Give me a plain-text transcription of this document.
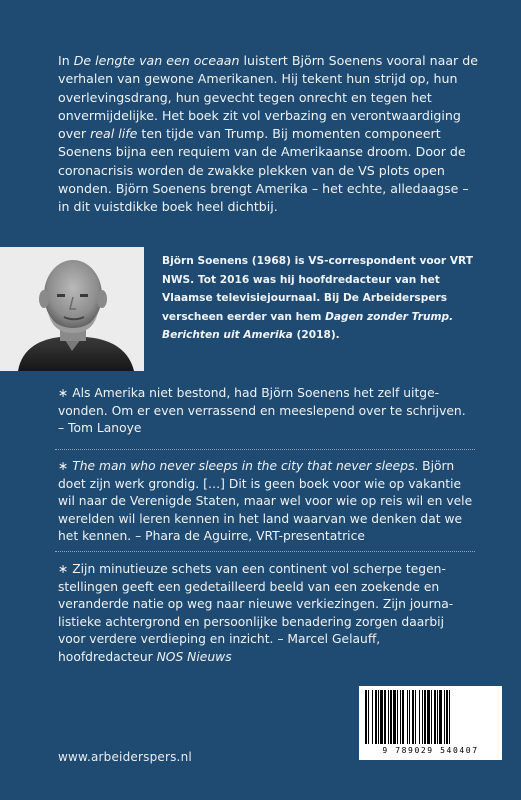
In De lengte van een oceaan luistert Björn Soenens vooral naar de verhalen van gewone Amerikanen. Hij tekent hun strijd op, hun overlevingsdrang, hun gevecht tegen onrecht en tegen het onvermijdelijke. Het boek zit vol verbazing en verontwaardiging over real life ten tijde van Trump. Bij momenten componeert Soenens bijna een requiem van de Amerikaanse droom. Door de coronacrisis worden de zwakke plekken van de VS plots open wonden. Björn Soenens brengt Amerika – het echte, alledaagse – in dit vuistdikke boek heel dichtbij.

Björn Soenens (1968) is VS-correspondent voor VRT NWS. Tot 2016 was hij hoofdredacteur van het Vlaamse televisiejournaal. Bij De Arbeiderspers verscheen eerder van hem Dagen zonder Trump. Berichten uit Amerika (2018).

∗ Als Amerika niet bestond, had Björn Soenens het zelf uitgevonden. Om er even verrassend en meeslepend over te schrijven. – Tom Lanoye

∗ The man who never sleeps in the city that never sleeps. Björn doet zijn werk grondig. […] Dit is geen boek voor wie op vakantie wil naar de Verenigde Staten, maar wel voor wie op reis wil en vele werelden wil leren kennen in het land waarvan we denken dat we het kennen. – Phara de Aguirre, VRT-presentatrice

∗ Zijn minutieuze schets van een continent vol scherpe tegenstellingen geeft een gedetailleerd beeld van een zoekende en veranderde natie op weg naar nieuwe verkiezingen. Zijn journalistieke achtergrond en persoonlijke benadering zorgen daarbij voor verdere verdieping en inzicht. – Marcel Gelauff, hoofdredacteur NOS Nieuws

www.arbeiderspers.nl	9 789029 540407
